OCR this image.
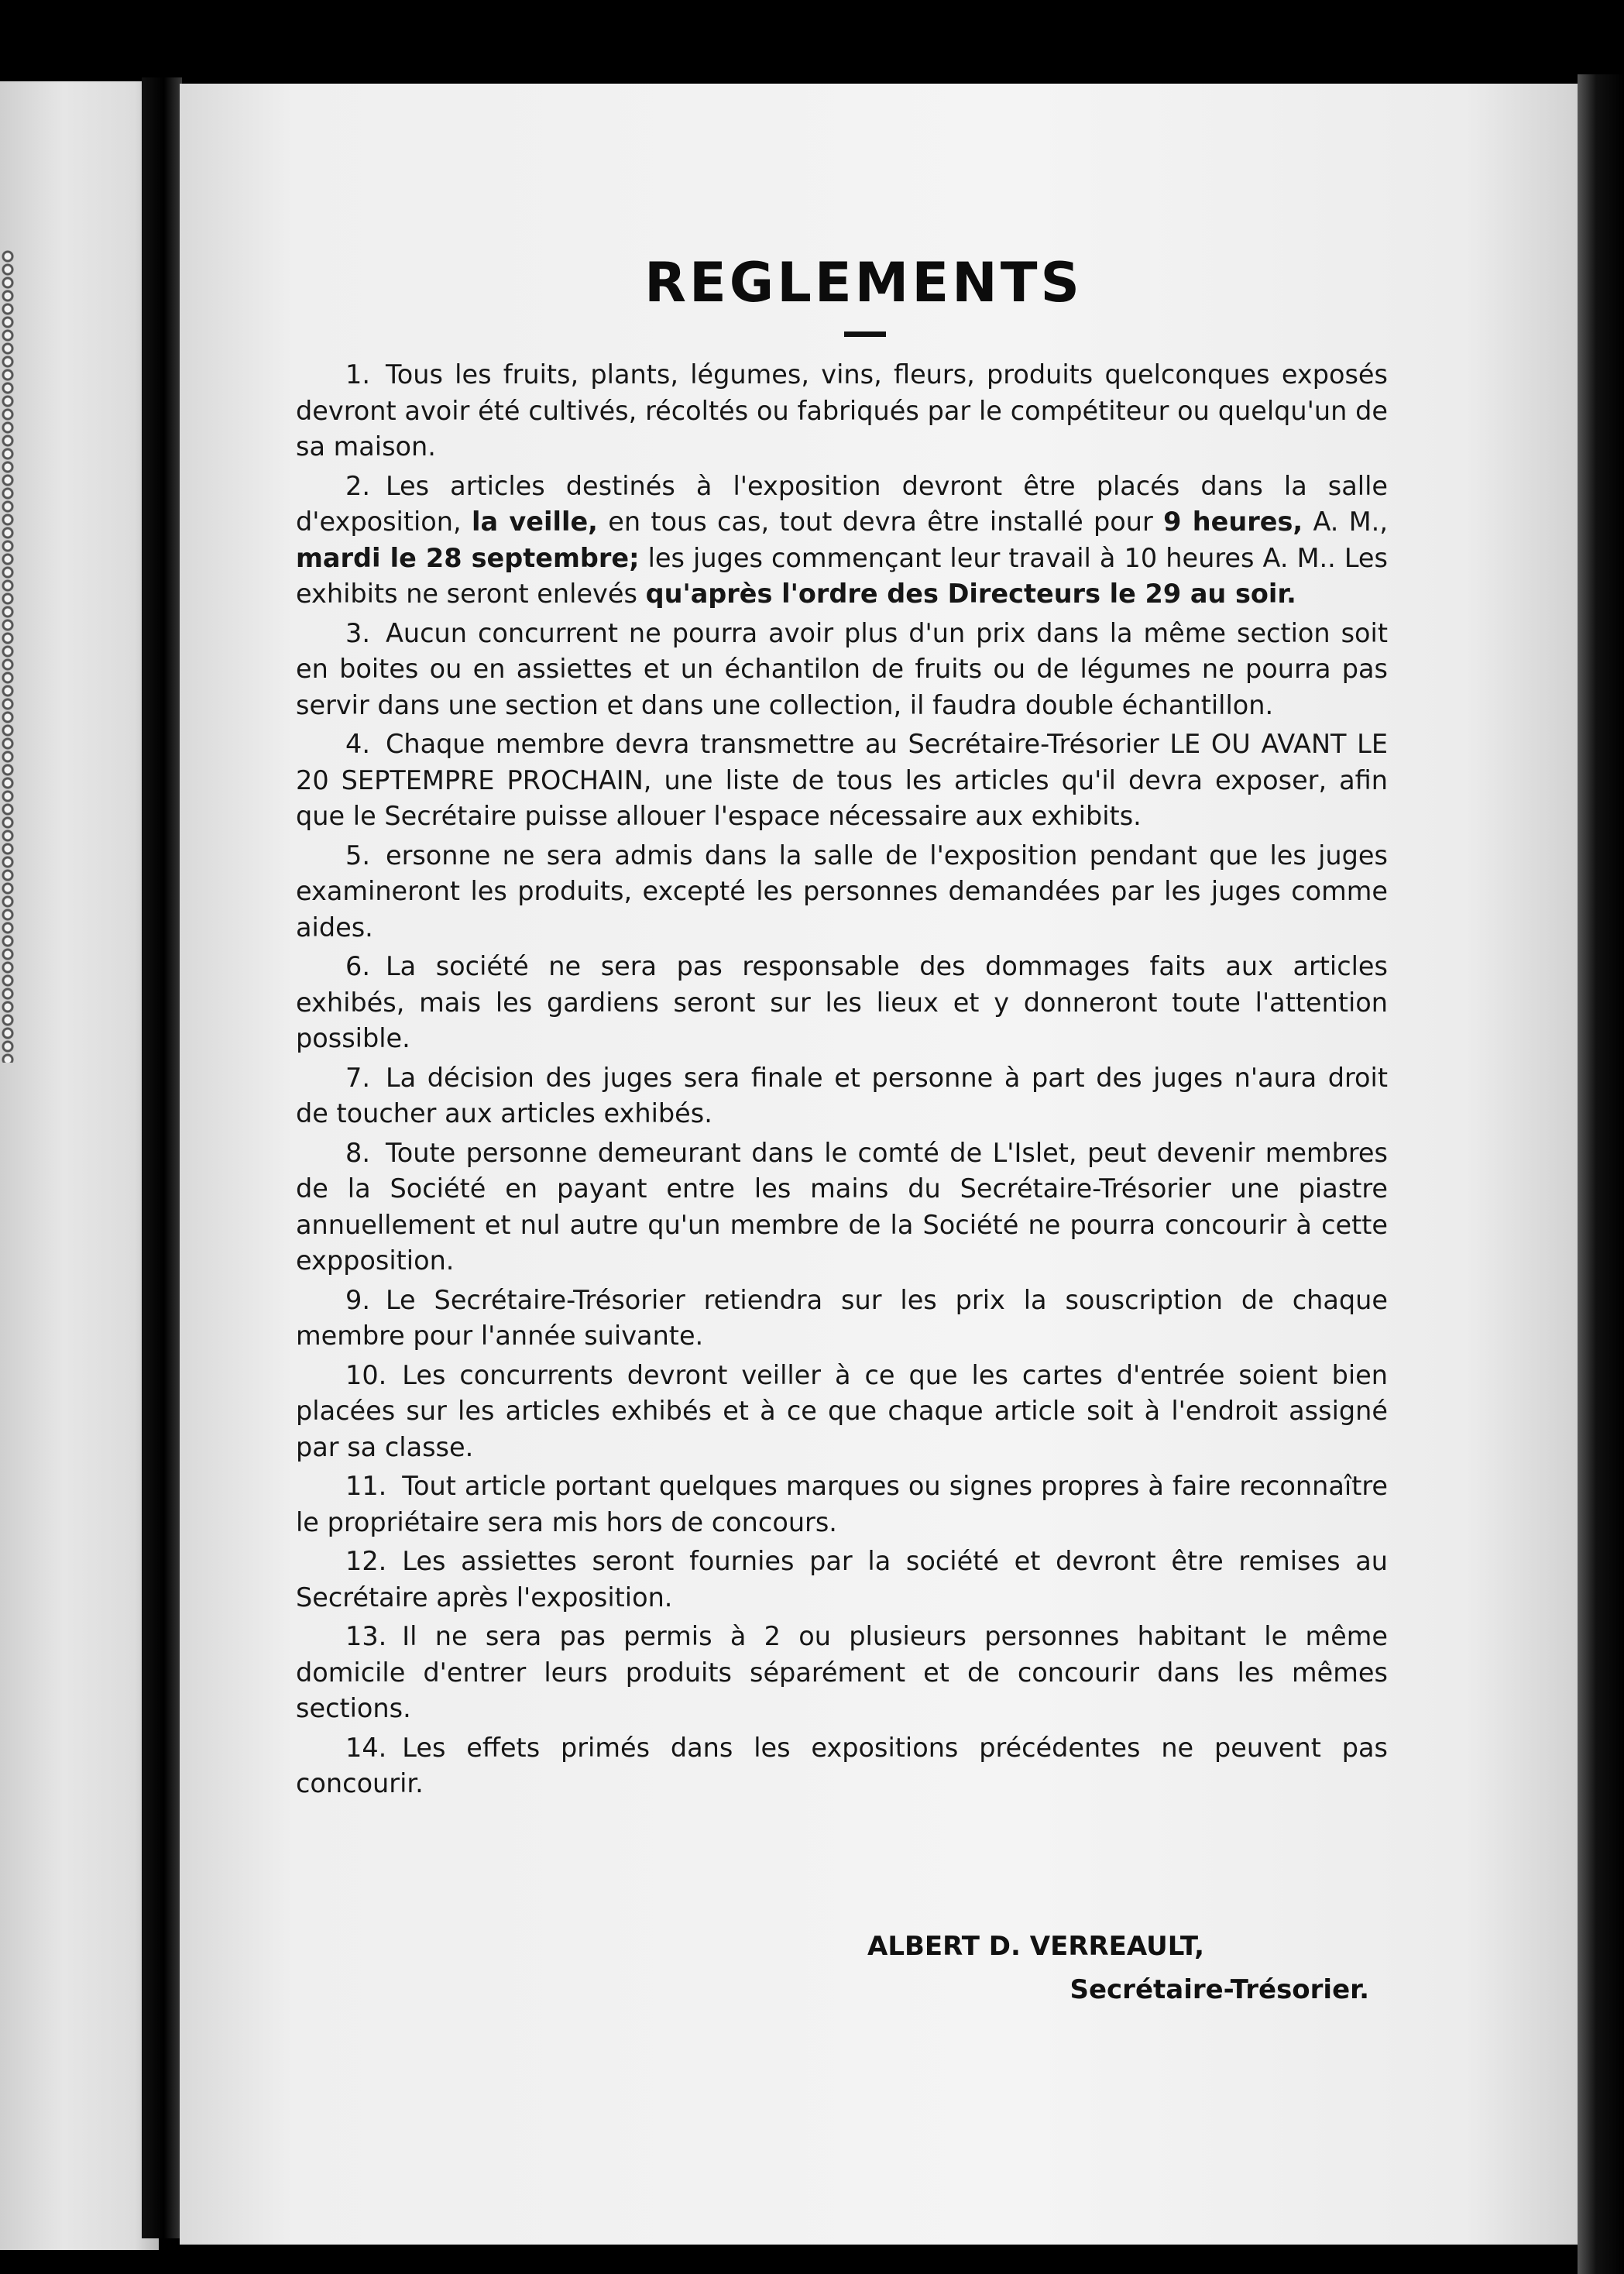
REGLEMENTS
1. Tous les fruits, plants, légumes, vins, fleurs, produits quelconques exposés devront avoir été cultivés, récoltés ou fabriqués par le compétiteur ou quelqu'un de sa maison.
2. Les articles destinés à l'exposition devront être placés dans la salle d'exposition, la veille, en tous cas, tout devra être installé pour 9 heures, A. M., mardi le 28 septembre; les juges commençant leur travail à 10 heures A. M.. Les exhibits ne seront enlevés qu'après l'ordre des Directeurs le 29 au soir.
3. Aucun concurrent ne pourra avoir plus d'un prix dans la même section soit en boites ou en assiettes et un échantilon de fruits ou de légumes ne pourra pas servir dans une section et dans une collection, il faudra double échantillon.
4. Chaque membre devra transmettre au Secrétaire-Trésorier LE OU AVANT LE 20 SEPTEMPRE PROCHAIN, une liste de tous les articles qu'il devra exposer, afin que le Secrétaire puisse allouer l'espace nécessaire aux exhibits.
5. ersonne ne sera admis dans la salle de l'exposition pendant que les juges examineront les produits, excepté les personnes demandées par les juges comme aides.
6. La société ne sera pas responsable des dommages faits aux articles exhibés, mais les gardiens seront sur les lieux et y donneront toute l'attention possible.
7. La décision des juges sera finale et personne à part des juges n'aura droit de toucher aux articles exhibés.
8. Toute personne demeurant dans le comté de L'Islet, peut devenir membres de la Société en payant entre les mains du Secrétaire-Trésorier une piastre annuellement et nul autre qu'un membre de la Société ne pourra concourir à cette expposition.
9. Le Secrétaire-Trésorier retiendra sur les prix la souscription de chaque membre pour l'année suivante.
10. Les concurrents devront veiller à ce que les cartes d'entrée soient bien placées sur les articles exhibés et à ce que chaque article soit à l'endroit assigné par sa classe.
11. Tout article portant quelques marques ou signes propres à faire reconnaître le propriétaire sera mis hors de concours.
12. Les assiettes seront fournies par la société et devront être remises au Secrétaire après l'exposition.
13. Il ne sera pas permis à 2 ou plusieurs personnes habitant le même domicile d'entrer leurs produits séparément et de concourir dans les mêmes sections.
14. Les effets primés dans les expositions précédentes ne peuvent pas concourir.
ALBERT D. VERREAULT,
Secrétaire-Trésorier.
